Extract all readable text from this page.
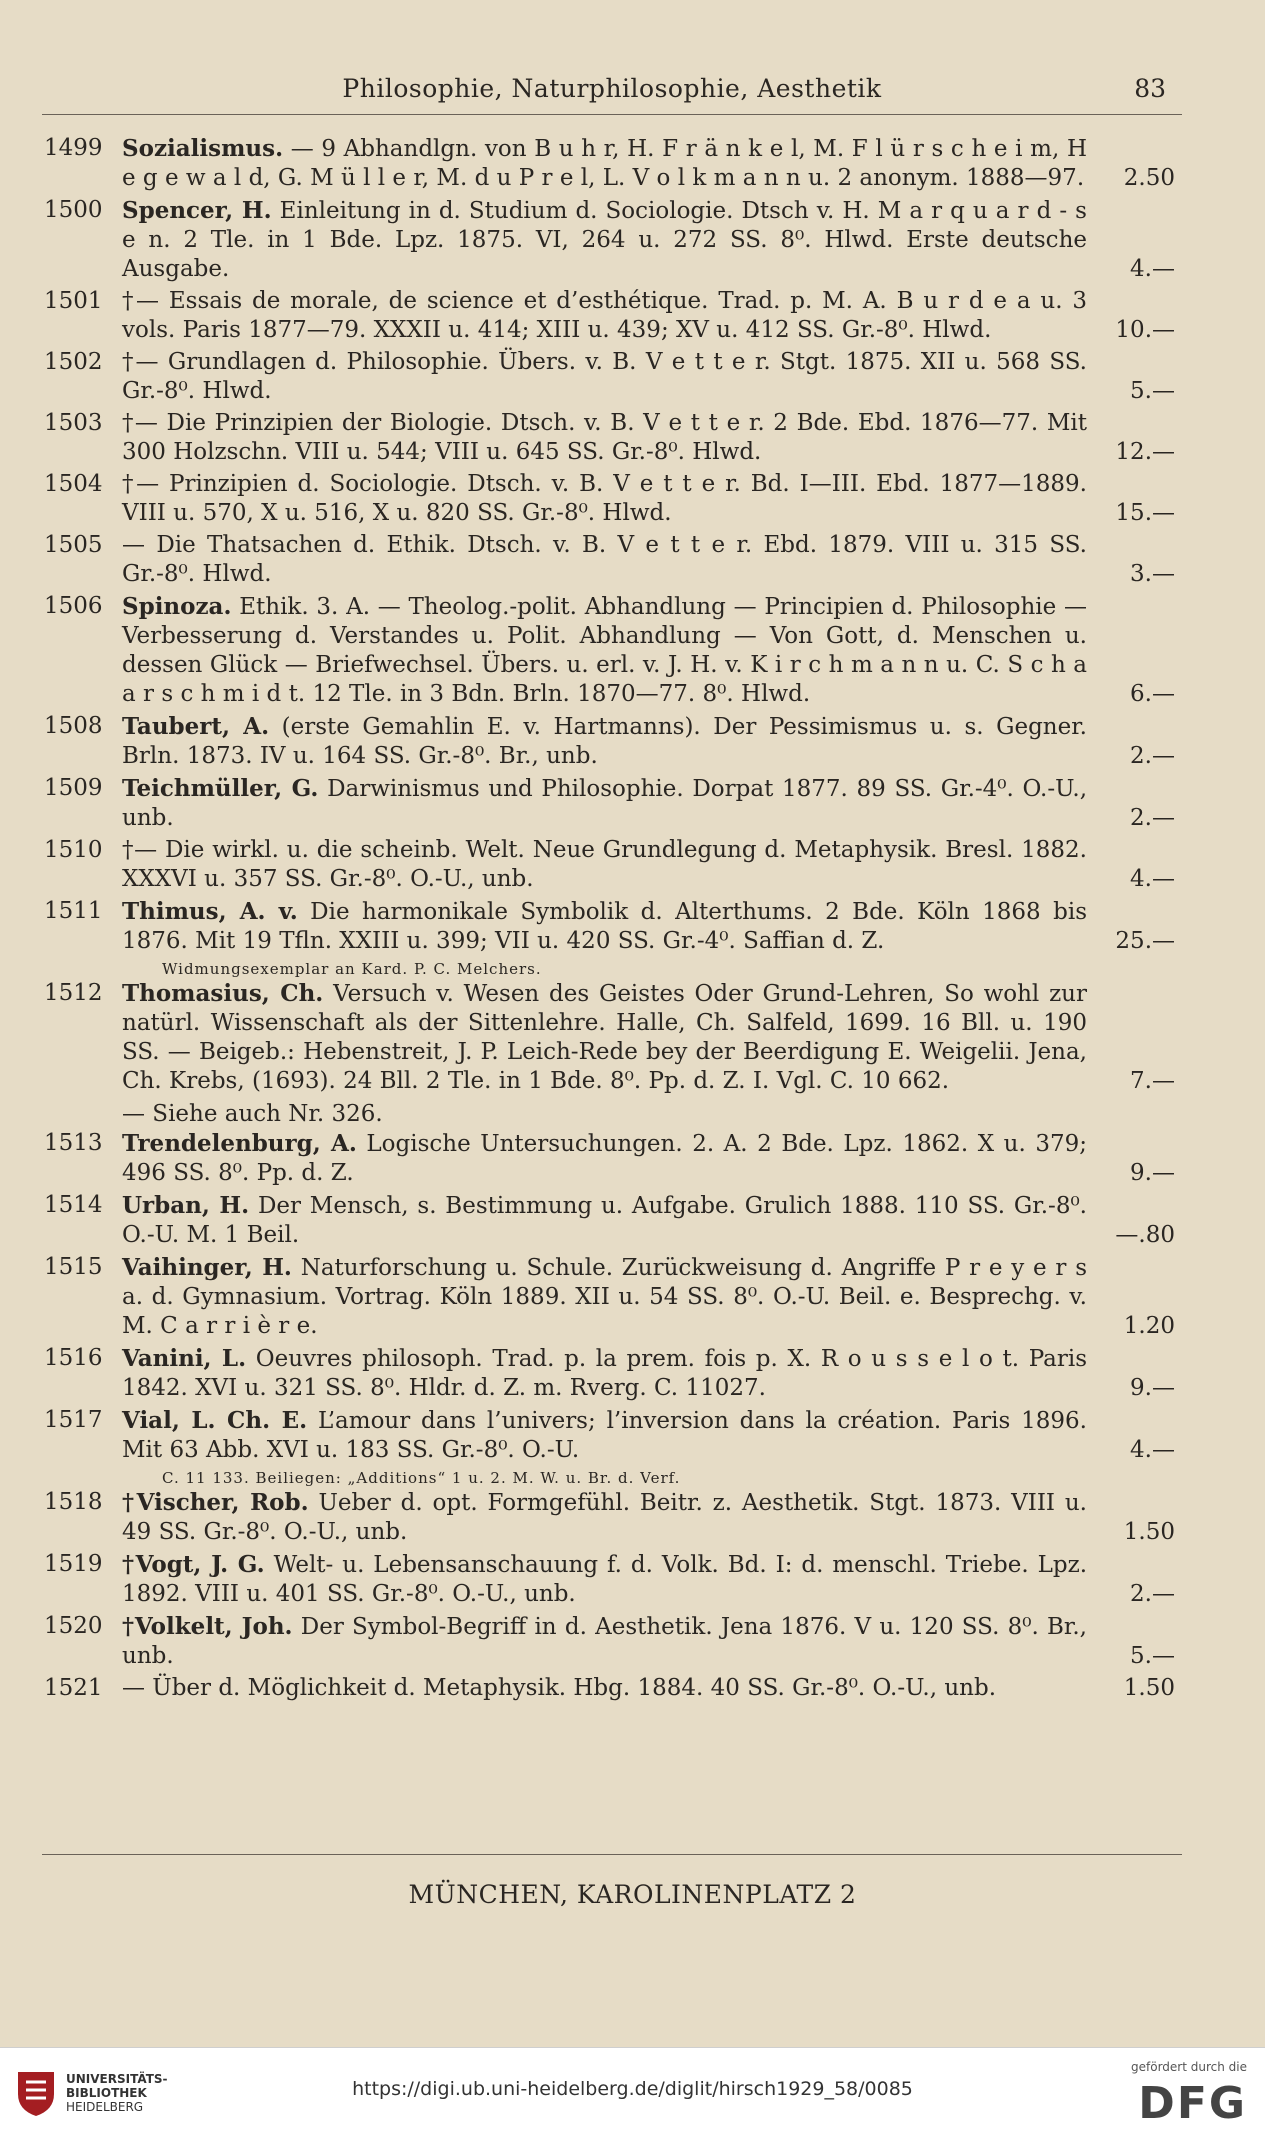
Philosophie, Naturphilosophie, Aesthetik	83
1499 Sozialismus. — 9 Abhandlgn. von B u h r, H. F r ä n k e l, M. F l ü r s c h e i m, H e g e w a l d, G. M ü l l e r, M. d u P r e l, L. V o l k m a n n u. 2 anonym. 1888—97. 2.50
1500 Spencer, H. Einleitung in d. Studium d. Sociologie. Dtsch v. H. M a r q u a r d - s e n. 2 Tle. in 1 Bde. Lpz. 1875. VI, 264 u. 272 SS. 8⁰. Hlwd. Erste deutsche Ausgabe.	4.—
1501 †— Essais de morale, de science et d’esthétique. Trad. p. M. A. B u r d e a u. 3 vols. Paris 1877—79. XXXII u. 414; XIII u. 439; XV u. 412 SS. Gr.-8⁰. Hlwd.	10.—
1502 †— Grundlagen d. Philosophie. Übers. v. B. V e t t e r. Stgt. 1875. XII u. 568 SS. Gr.-8⁰. Hlwd.	5.—
1503 †— Die Prinzipien der Biologie. Dtsch. v. B. V e t t e r. 2 Bde. Ebd. 1876—77. Mit 300 Holzschn. VIII u. 544; VIII u. 645 SS. Gr.-8⁰. Hlwd.	12.—
1504 †— Prinzipien d. Sociologie. Dtsch. v. B. V e t t e r. Bd. I—III. Ebd. 1877—1889. VIII u. 570, X u. 516, X u. 820 SS. Gr.-8⁰. Hlwd.	15.—
1505 — Die Thatsachen d. Ethik. Dtsch. v. B. V e t t e r. Ebd. 1879. VIII u. 315 SS. Gr.-8⁰. Hlwd.	3.—
1506 Spinoza. Ethik. 3. A. — Theolog.-polit. Abhandlung — Principien d. Philosophie — Verbesserung d. Verstandes u. Polit. Abhandlung — Von Gott, d. Menschen u. dessen Glück — Briefwechsel. Übers. u. erl. v. J. H. v. K i r c h m a n n u. C. S c h a a r s c h m i d t. 12 Tle. in 3 Bdn. Brln. 1870—77. 8⁰. Hlwd.	6.—
1508 Taubert, A. (erste Gemahlin E. v. Hartmanns). Der Pessimismus u. s. Gegner. Brln. 1873. IV u. 164 SS. Gr.-8⁰. Br., unb.	2.—
1509 Teichmüller, G. Darwinismus und Philosophie. Dorpat 1877. 89 SS. Gr.-4⁰. O.-U., unb.	2.—
1510 †— Die wirkl. u. die scheinb. Welt. Neue Grundlegung d. Metaphysik. Bresl. 1882. XXXVI u. 357 SS. Gr.-8⁰. O.-U., unb.	4.—
1511 Thimus, A. v. Die harmonikale Symbolik d. Alterthums. 2 Bde. Köln 1868 bis 1876. Mit 19 Tfln. XXIII u. 399; VII u. 420 SS. Gr.-4⁰. Saffian d. Z.	25.—
Widmungsexemplar an Kard. P. C. Melchers.
1512 Thomasius, Ch. Versuch v. Wesen des Geistes Oder Grund-Lehren, So wohl zur natürl. Wissenschaft als der Sittenlehre. Halle, Ch. Salfeld, 1699. 16 Bll. u. 190 SS. — Beigeb.: Hebenstreit, J. P. Leich-Rede bey der Beerdigung E. Weigelii. Jena, Ch. Krebs, (1693). 24 Bll. 2 Tle. in 1 Bde. 8⁰. Pp. d. Z. I. Vgl. C. 10 662.	7.—
— Siehe auch Nr. 326.
1513 Trendelenburg, A. Logische Untersuchungen. 2. A. 2 Bde. Lpz. 1862. X u. 379; 496 SS. 8⁰. Pp. d. Z.	9.—
1514 Urban, H. Der Mensch, s. Bestimmung u. Aufgabe. Grulich 1888. 110 SS. Gr.-8⁰. O.-U. M. 1 Beil.	—.80
1515 Vaihinger, H. Naturforschung u. Schule. Zurückweisung d. Angriffe P r e y e r s a. d. Gymnasium. Vortrag. Köln 1889. XII u. 54 SS. 8⁰. O.-U. Beil. e. Besprechg. v. M. C a r r i è r e.	1.20
1516 Vanini, L. Oeuvres philosoph. Trad. p. la prem. fois p. X. R o u s s e l o t. Paris 1842. XVI u. 321 SS. 8⁰. Hldr. d. Z. m. Rverg. C. 11027.	9.—
1517 Vial, L. Ch. E. L’amour dans l’univers; l’inversion dans la création. Paris 1896. Mit 63 Abb. XVI u. 183 SS. Gr.-8⁰. O.-U.	4.—
C. 11 133. Beiliegen: „Additions“ 1 u. 2. M. W. u. Br. d. Verf.
1518 †Vischer, Rob. Ueber d. opt. Formgefühl. Beitr. z. Aesthetik. Stgt. 1873. VIII u. 49 SS. Gr.-8⁰. O.-U., unb.	1.50
1519 †Vogt, J. G. Welt- u. Lebensanschauung f. d. Volk. Bd. I: d. menschl. Triebe. Lpz. 1892. VIII u. 401 SS. Gr.-8⁰. O.-U., unb.	2.—
1520 †Volkelt, Joh. Der Symbol-Begriff in d. Aesthetik. Jena 1876. V u. 120 SS. 8⁰. Br., unb.	5.—
1521 — Über d. Möglichkeit d. Metaphysik. Hbg. 1884. 40 SS. Gr.-8⁰. O.-U., unb.	1.50
MÜNCHEN, KAROLINENPLATZ 2
UNIVERSITÄTS-
BIBLIOTHEK
HEIDELBERG
https://digi.ub.uni-heidelberg.de/diglit/hirsch1929_58/0085
gefördert durch die
DFG
